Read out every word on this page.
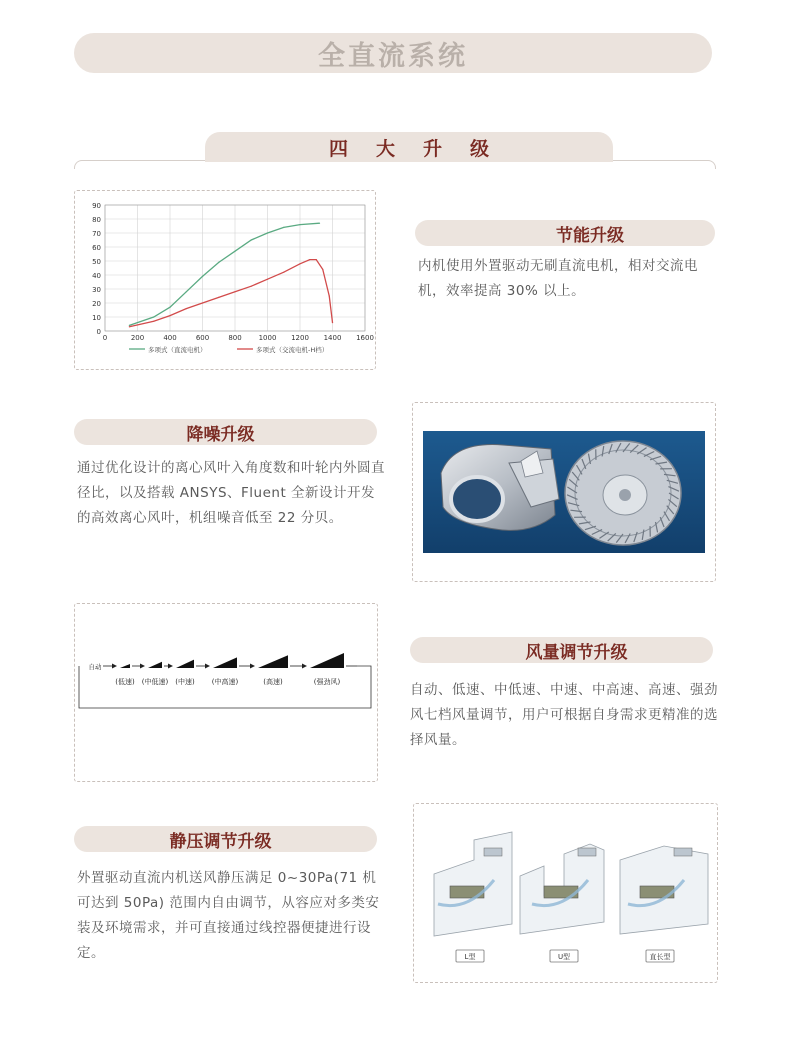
全直流系统
四大升级
0
10
20
30
40
50
60
70
80
90
0	200	400	600	800 1000 1200 1400 1600
多项式（直流电机）	多项式（交流电机-H档）
节能升级
内机使用外置驱动无刷直流电机，相对交流电机，效率提高 30% 以上。
降噪升级
通过优化设计的离心风叶入角度数和叶轮内外圆直径比，以及搭载 ANSYS、Fluent 全新设计开发的高效离心风叶，机组噪音低至 22 分贝。
自动
(低速) (中低速) (中速) (中高速)	(高速)	(强劲风)
风量调节升级
自动、低速、中低速、中速、中高速、高速、强劲风七档风量调节，用户可根据自身需求更精准的选择风量。
静压调节升级
外置驱动直流内机送风静压满足 0~30Pa(71 机可达到 50Pa) 范围内自由调节，从容应对多类安装及环境需求，并可直接通过线控器便捷进行设定。	L型	U型	直长型
